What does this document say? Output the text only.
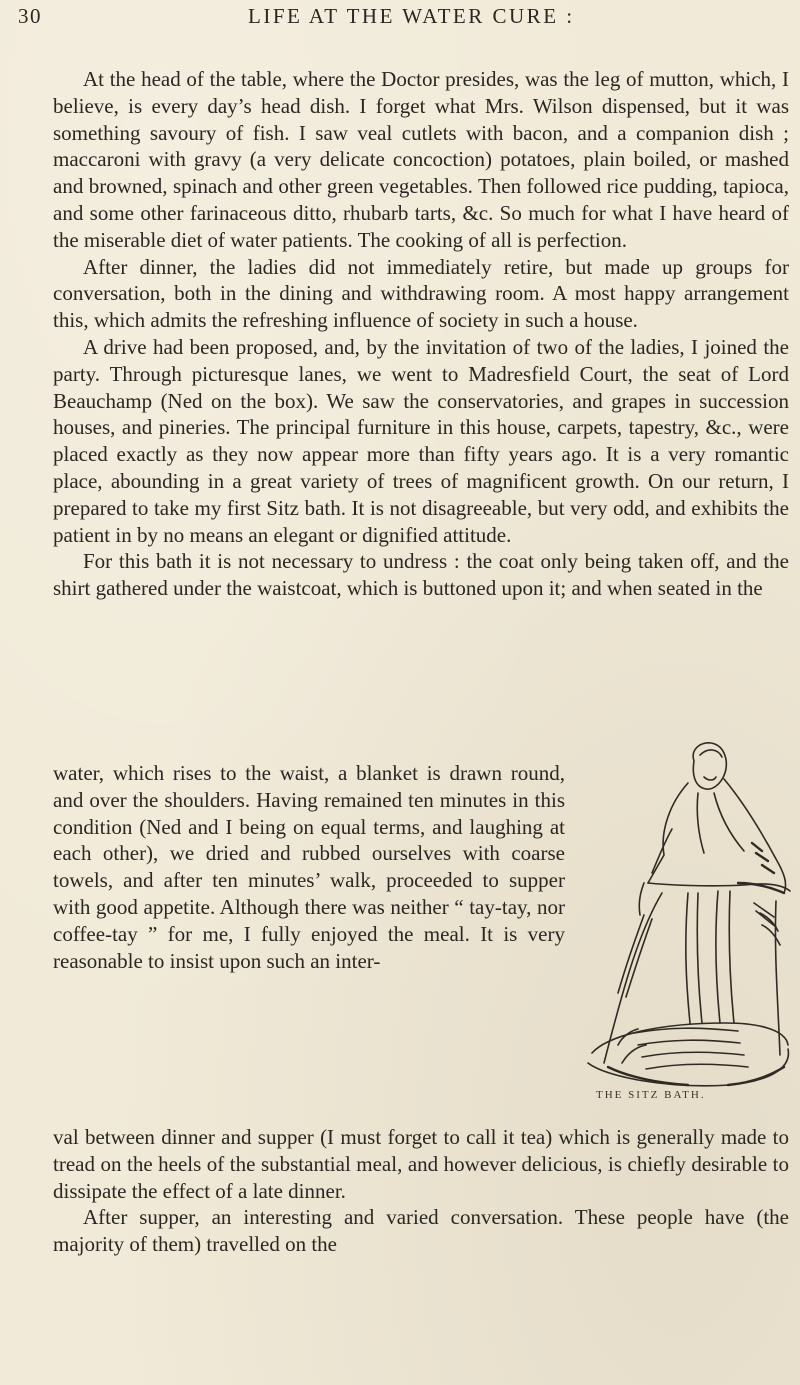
30	LIFE AT THE WATER CURE :

At the head of the table, where the Doctor presides, was the leg of mutton, which, I believe, is every day’s head dish. I forget what Mrs. Wilson dispensed, but it was something savoury of fish. I saw veal cutlets with bacon, and a companion dish ; maccaroni with gravy (a very delicate concoction) potatoes, plain boiled, or mashed and browned, spinach and other green vegetables. Then followed rice pudding, tapioca, and some other farinaceous ditto, rhubarb tarts, &c. So much for what I have heard of the miserable diet of water patients. The cooking of all is perfection.

After dinner, the ladies did not immediately retire, but made up groups for conversation, both in the dining and withdrawing room. A most happy arrangement this, which admits the refreshing influence of society in such a house.

A drive had been proposed, and, by the invitation of two of the ladies, I joined the party. Through picturesque lanes, we went to Madresfield Court, the seat of Lord Beauchamp (Ned on the box). We saw the conservatories, and grapes in succession houses, and pineries. The principal furniture in this house, carpets, tapestry, &c., were placed exactly as they now appear more than fifty years ago. It is a very romantic place, abounding in a great variety of trees of magnificent growth. On our return, I prepared to take my first Sitz bath. It is not disagreeable, but very odd, and exhibits the patient in by no means an elegant or dignified attitude.

For this bath it is not necessary to undress : the coat only being taken off, and the shirt gathered under the waistcoat, which is buttoned upon it; and when seated in the

water, which rises to the waist, a blanket is drawn round, and over the shoulders. Having remained ten minutes in this condition (Ned and I being on equal terms, and laughing at each other), we dried and rubbed ourselves with coarse towels, and after ten minutes’ walk, proceeded to supper with good appetite. Although there was neither “ tay-tay, nor coffee-tay ” for me, I fully enjoyed the meal. It is very reasonable to insist upon such an inter-

THE SITZ BATH.

val between dinner and supper (I must forget to call it tea) which is generally made to tread on the heels of the substantial meal, and however delicious, is chiefly desirable to dissipate the effect of a late dinner.

After supper, an interesting and varied conversation. These people have (the majority of them) travelled on the
